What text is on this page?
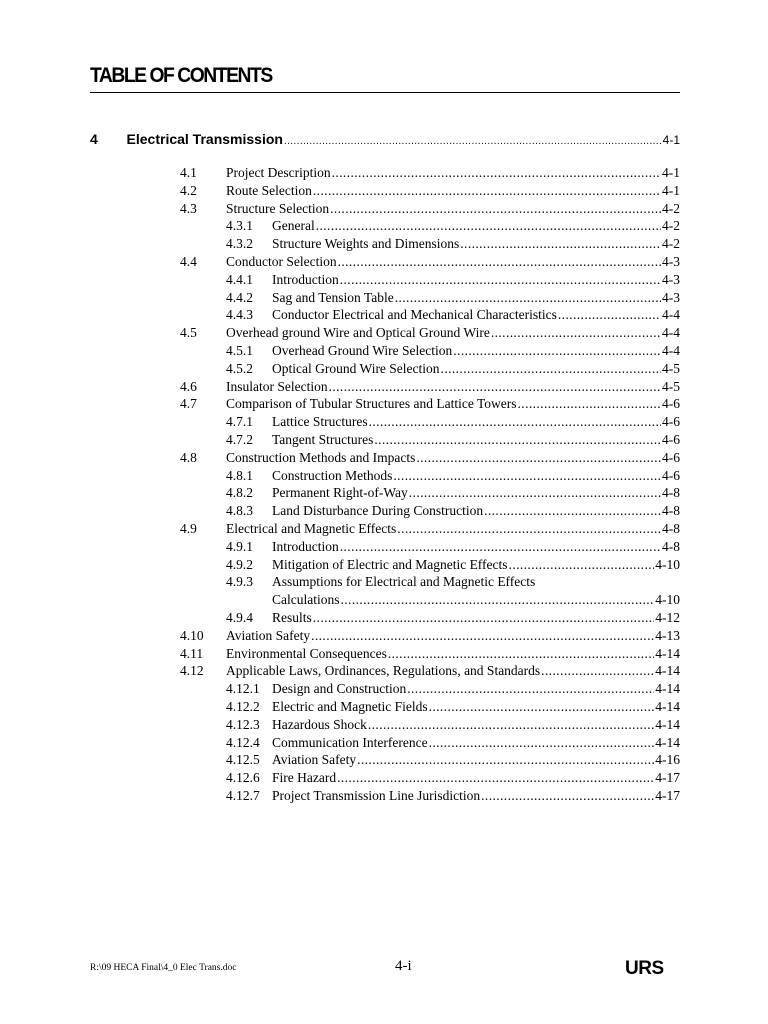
TABLE OF CONTENTS
4	Electrical Transmission .....	4-1
4.1	Project Description .....	4-1
4.2	Route Selection .....	4-1
4.3	Structure Selection .....	4-2
4.3.1	General .....	4-2
4.3.2	Structure Weights and Dimensions .....	4-2
4.4	Conductor Selection .....	4-3
4.4.1	Introduction .....	4-3
4.4.2	Sag and Tension Table .....	4-3
4.4.3	Conductor Electrical and Mechanical Characteristics .....	4-4
4.5	Overhead ground Wire and Optical Ground Wire .....	4-4
4.5.1	Overhead Ground Wire Selection .....	4-4
4.5.2	Optical Ground Wire Selection .....	4-5
4.6	Insulator Selection .....	4-5
4.7	Comparison of Tubular Structures and Lattice Towers .....	4-6
4.7.1	Lattice Structures .....	4-6
4.7.2	Tangent Structures .....	4-6
4.8	Construction Methods and Impacts .....	4-6
4.8.1	Construction Methods .....	4-6
4.8.2	Permanent Right-of-Way .....	4-8
4.8.3	Land Disturbance During Construction .....	4-8
4.9	Electrical and Magnetic Effects .....	4-8
4.9.1	Introduction .....	4-8
4.9.2	Mitigation of Electric and Magnetic Effects .....	4-10
4.9.3	Assumptions for Electrical and Magnetic Effects
Calculations .....	4-10
4.9.4	Results .....	4-12
4.10	Aviation Safety .....	4-13
4.11	Environmental Consequences .....	4-14
4.12	Applicable Laws, Ordinances, Regulations, and Standards .....	4-14
4.12.1 Design and Construction .....	4-14
4.12.2 Electric and Magnetic Fields .....	4-14
4.12.3 Hazardous Shock .....	4-14
4.12.4 Communication Interference .....	4-14
4.12.5 Aviation Safety .....	4-16
4.12.6 Fire Hazard .....	4-17
4.12.7 Project Transmission Line Jurisdiction .....	4-17
R:\09 HECA Final\4_0 Elec Trans.doc	4-i	URS
